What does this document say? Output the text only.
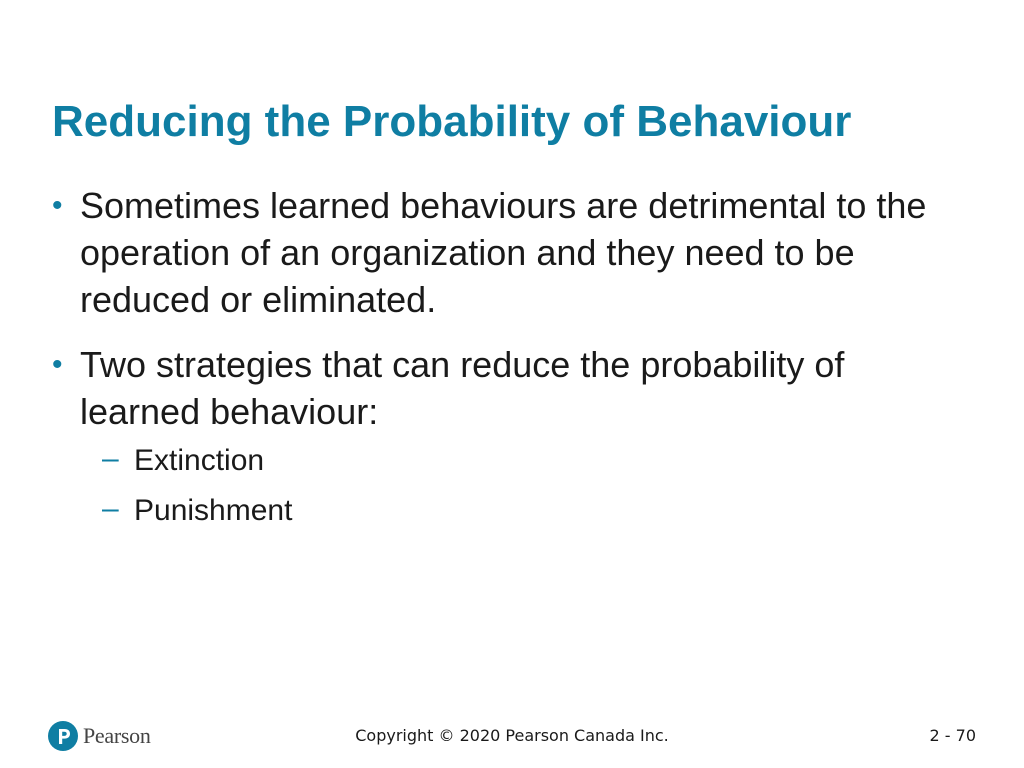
Reducing the Probability of Behaviour
• Sometimes learned behaviours are detrimental to the operation of an organization and they need to be reduced or eliminated.
• Two strategies that can reduce the probability of learned behaviour:
– Extinction
– Punishment
Pearson	Copyright © 2020 Pearson Canada Inc.	2 - 70
